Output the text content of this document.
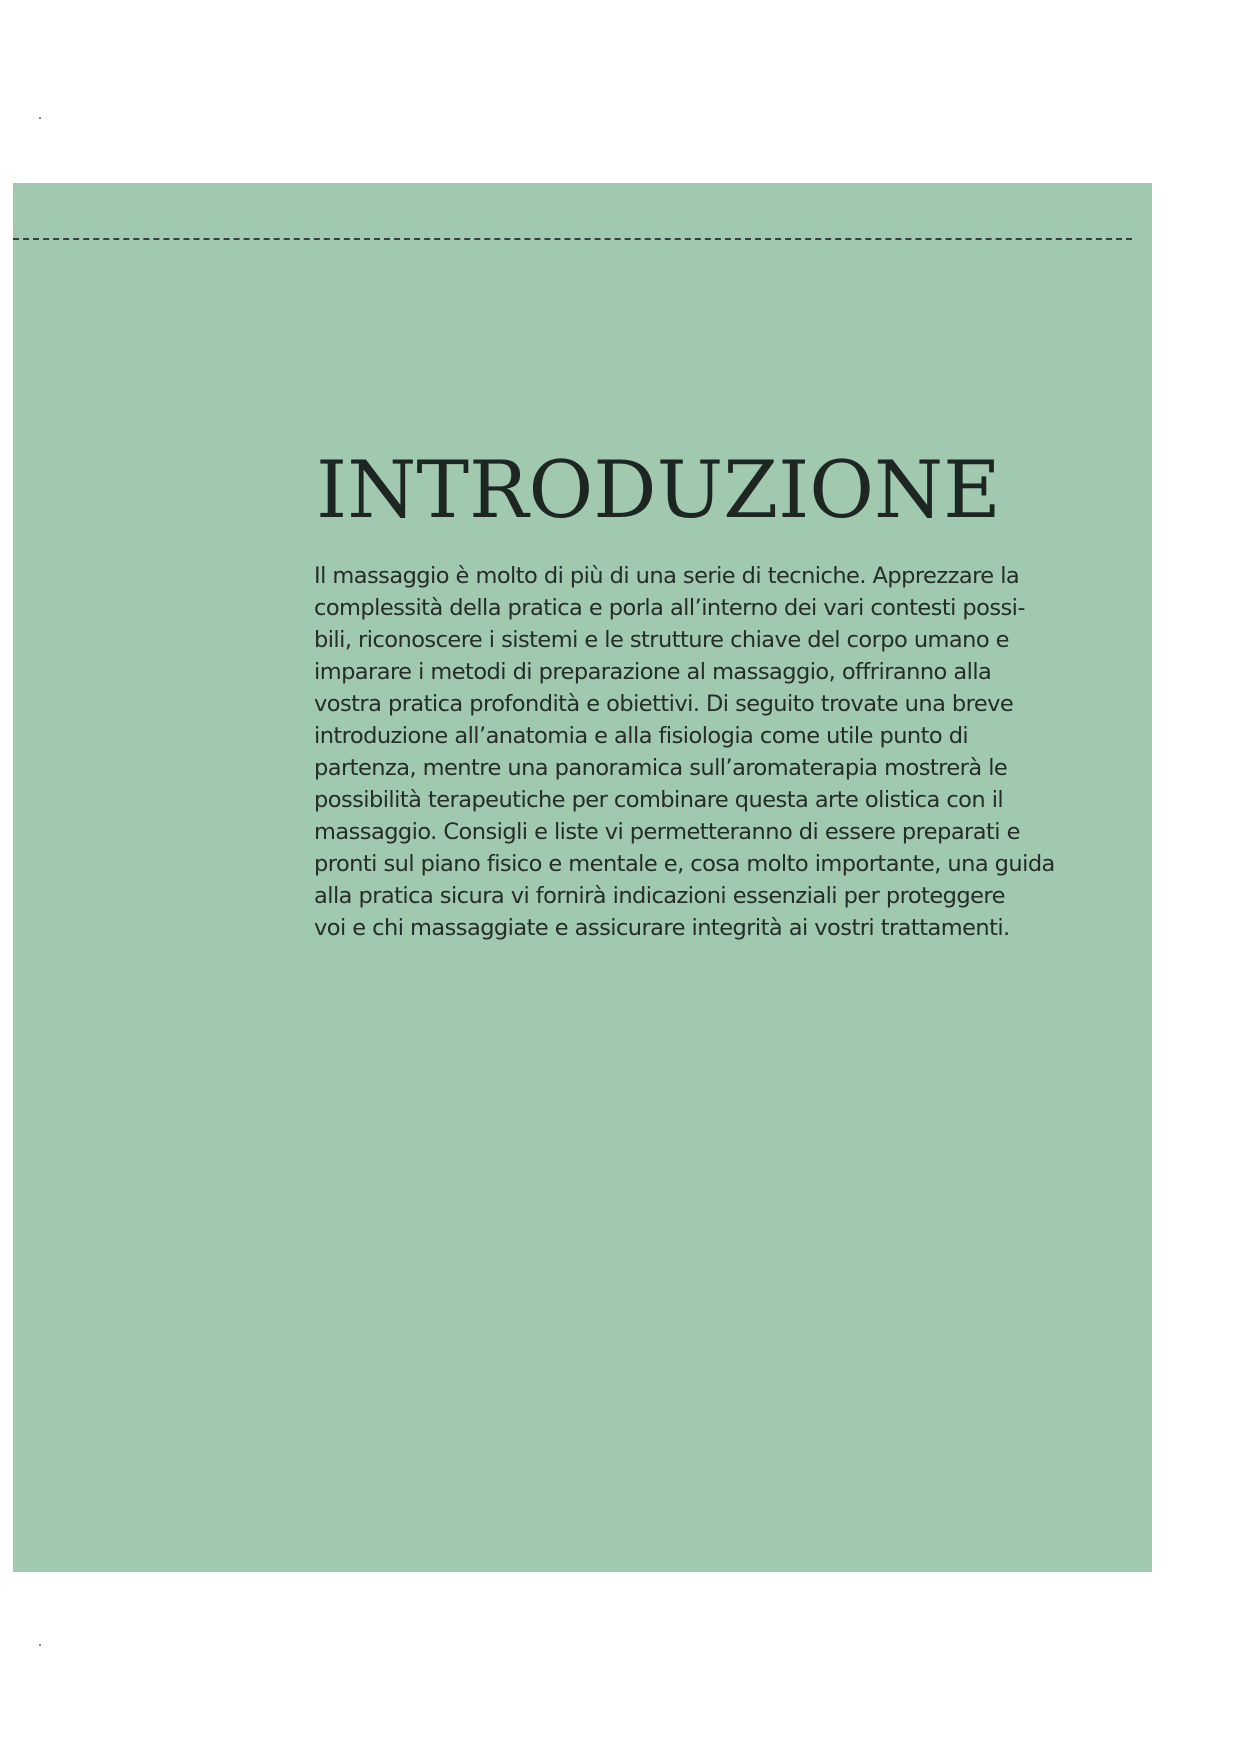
INTRODUZIONE

Il massaggio è molto di più di una serie di tecniche. Apprezzare la
complessità della pratica e porla all’interno dei vari contesti possi-
bili, riconoscere i sistemi e le strutture chiave del corpo umano e
imparare i metodi di preparazione al massaggio, offriranno alla
vostra pratica profondità e obiettivi. Di seguito trovate una breve
introduzione all’anatomia e alla fisiologia come utile punto di
partenza, mentre una panoramica sull’aromaterapia mostrerà le
possibilità terapeutiche per combinare questa arte olistica con il
massaggio. Consigli e liste vi permetteranno di essere preparati e
pronti sul piano fisico e mentale e, cosa molto importante, una guida
alla pratica sicura vi fornirà indicazioni essenziali per proteggere
voi e chi massaggiate e assicurare integrità ai vostri trattamenti.
